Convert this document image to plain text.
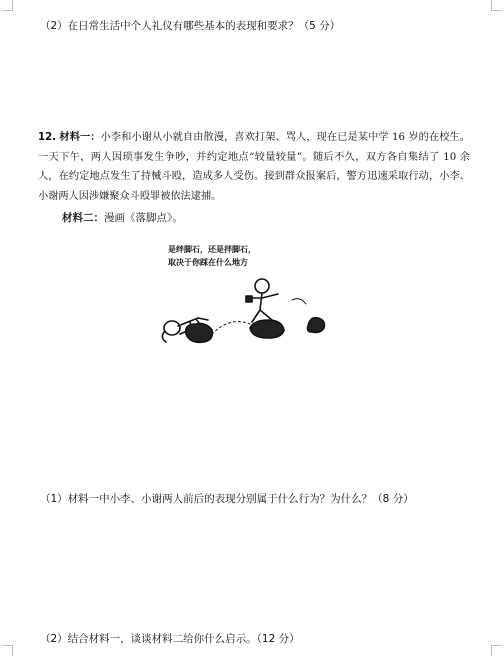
（2）在日常生活中个人礼仪有哪些基本的表现和要求？（5 分）
12. 材料一：小李和小谢从小就自由散漫，喜欢打架、骂人，现在已是某中学 16 岁的在校生。一天下午，两人因琐事发生争吵，并约定地点“较量较量”。随后不久，双方各自集结了 10 余人，在约定地点发生了持械斗殴，造成多人受伤。接到群众报案后，警方迅速采取行动，小李、小谢两人因涉嫌聚众斗殴罪被依法逮捕。
材料二：漫画《落脚点》。
是绊脚石，还是拌脚石，
取决于你踩在什么地方
（1）材料一中小李、小谢两人前后的表现分别属于什么行为？为什么？（8 分）
（2）结合材料一，谈谈材料二给你什么启示。（12 分）
